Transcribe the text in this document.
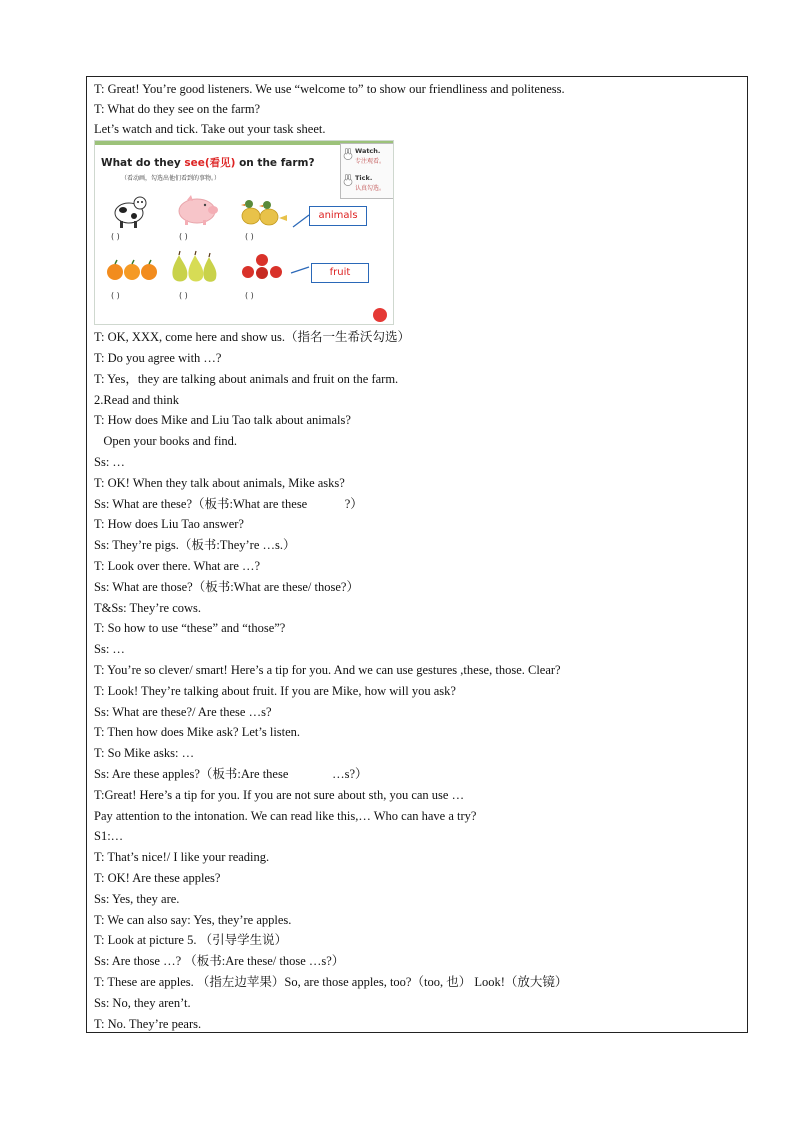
T: Great! You’re good listeners. We use “welcome to” to show our friendliness and politeness.
T: What do they see on the farm?
Let’s watch and tick. Take out your task sheet.
What do they see(看见) on the farm?
（看动画，勾选出他们看到的事物。）
Watch.
专注观看。
Tick.
认真勾选。
( )	( )	( )
animals
( )	( )	( )
fruit
T: OK, XXX, come here and show us.（指名一生希沃勾选）
T: Do you agree with …?
T: Yes，they are talking about animals and fruit on the farm.
2.Read and think
T: How does Mike and Liu Tao talk about animals?
Open your books and find.
Ss: …
T: OK! When they talk about animals, Mike asks?
Ss: What are these?（板书:What are these            ?）
T: How does Liu Tao answer?
Ss: They’re pigs.（板书:They’re …s.）
T: Look over there. What are …?
Ss: What are those?（板书:What are these/ those?）
T&Ss: They’re cows.
T: So how to use “these” and “those”?
Ss: …
T: You’re so clever/ smart! Here’s a tip for you. And we can use gestures ,these, those. Clear?
T: Look! They’re talking about fruit. If you are Mike, how will you ask?
Ss: What are these?/ Are these …s?
T: Then how does Mike ask? Let’s listen.
T: So Mike asks: …
Ss: Are these apples?（板书:Are these              …s?）
T:Great! Here’s a tip for you. If you are not sure about sth, you can use …
Pay attention to the intonation. We can read like this,… Who can have a try?
S1:…
T: That’s nice!/ I like your reading.
T: OK! Are these apples?
Ss: Yes, they are.
T: We can also say: Yes, they’re apples.
T: Look at picture 5. （引导学生说）
Ss: Are those …? （板书:Are these/ those …s?）
T: These are apples. （指左边苹果）So, are those apples, too?（too, 也） Look!（放大镜）
Ss: No, they aren’t.
T: No. They’re pears.
